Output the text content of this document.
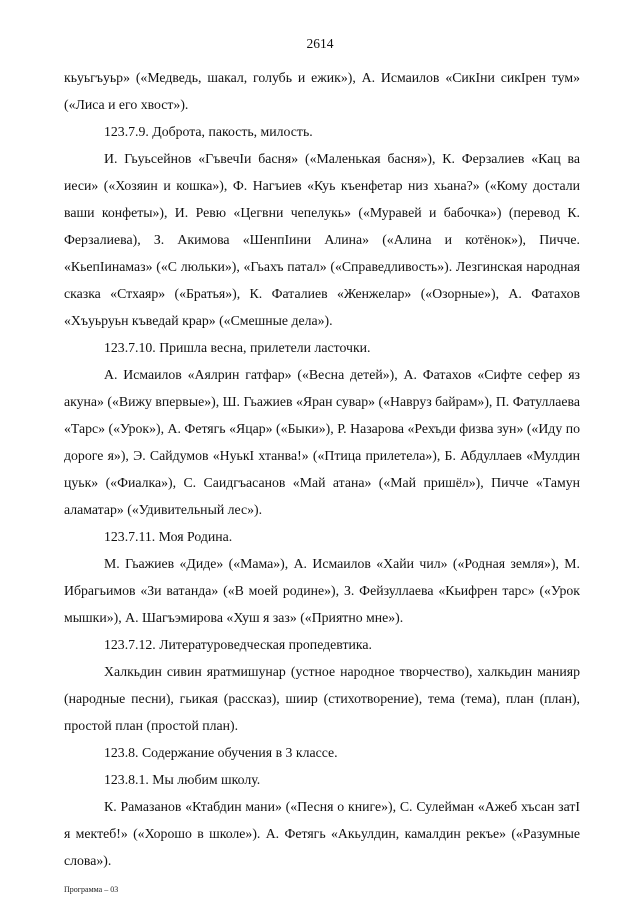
2614

кьуьгъуьр» («Медведь, шакал, голубь и ежик»), А. Исмаилов «СикIни сикIрен тум» («Лиса и его хвост»).

123.7.9. Доброта, пакость, милость.

И. Гьуьсейнов «ГъвечIи басня» («Маленькая басня»), К. Ферзалиев «Кац ва иеси» («Хозяин и кошка»), Ф. Нагъиев «Куь къенфетар низ хьана?» («Кому достали ваши конфеты»), И. Ревю «Цегвни чепелукь» («Муравей и бабочка») (перевод К. Ферзалиева), З. Акимова «ШенпIини Алина» («Алина и котёнок»), Пичче. «КьепIинамаз» («С люльки»), «Гьахъ патал» («Справедливость»). Лезгинская народная сказка «Стхаяр» («Братья»), К. Фаталиев «Женжелар» («Озорные»), А. Фатахов «Хъуьруьн къведай крар» («Смешные дела»).

123.7.10. Пришла весна, прилетели ласточки.

А. Исмаилов «Аялрин гатфар» («Весна детей»), А. Фатахов «Сифте сефер яз акуна» («Вижу впервые»), Ш. Гьажиев «Яран сувар» («Навруз байрам»), П. Фатуллаева «Тарс» («Урок»), А. Фетягь «Яцар» («Быки»), Р. Назарова «Рехъди физва зун» («Иду по дороге я»), Э. Сайдумов «НуькI хтанва!» («Птица прилетела»), Б. Абдуллаев «Мулдин цуьк» («Фиалка»), С. Саидгъасанов «Май атана» («Май пришёл»), Пичче «Тамун аламатар» («Удивительный лес»).

123.7.11. Моя Родина.

М. Гьажиев «Диде» («Мама»), А. Исмаилов «Хайи чил» («Родная земля»), М. Ибрагьимов «Зи ватанда» («В моей родине»), З. Фейзуллаева «Кьифрен тарс» («Урок мышки»), А. Шагъэмирова «Хуш я заз» («Приятно мне»).

123.7.12. Литературоведческая пропедевтика.

Халкьдин сивин яратмишунар (устное народное творчество), халкьдин манияр (народные песни), гьикая (рассказ), шиир (стихотворение), тема (тема), план (план), простой план (простой план).

123.8. Содержание обучения в 3 классе.

123.8.1. Мы любим школу.

К. Рамазанов «Ктабдин мани» («Песня о книге»), С. Сулейман «Ажеб хъсан затI я мектеб!» («Хорошо в школе»). А. Фетягь «Акьулдин, камалдин рекъе» («Разумные слова»).

Программа – 03
